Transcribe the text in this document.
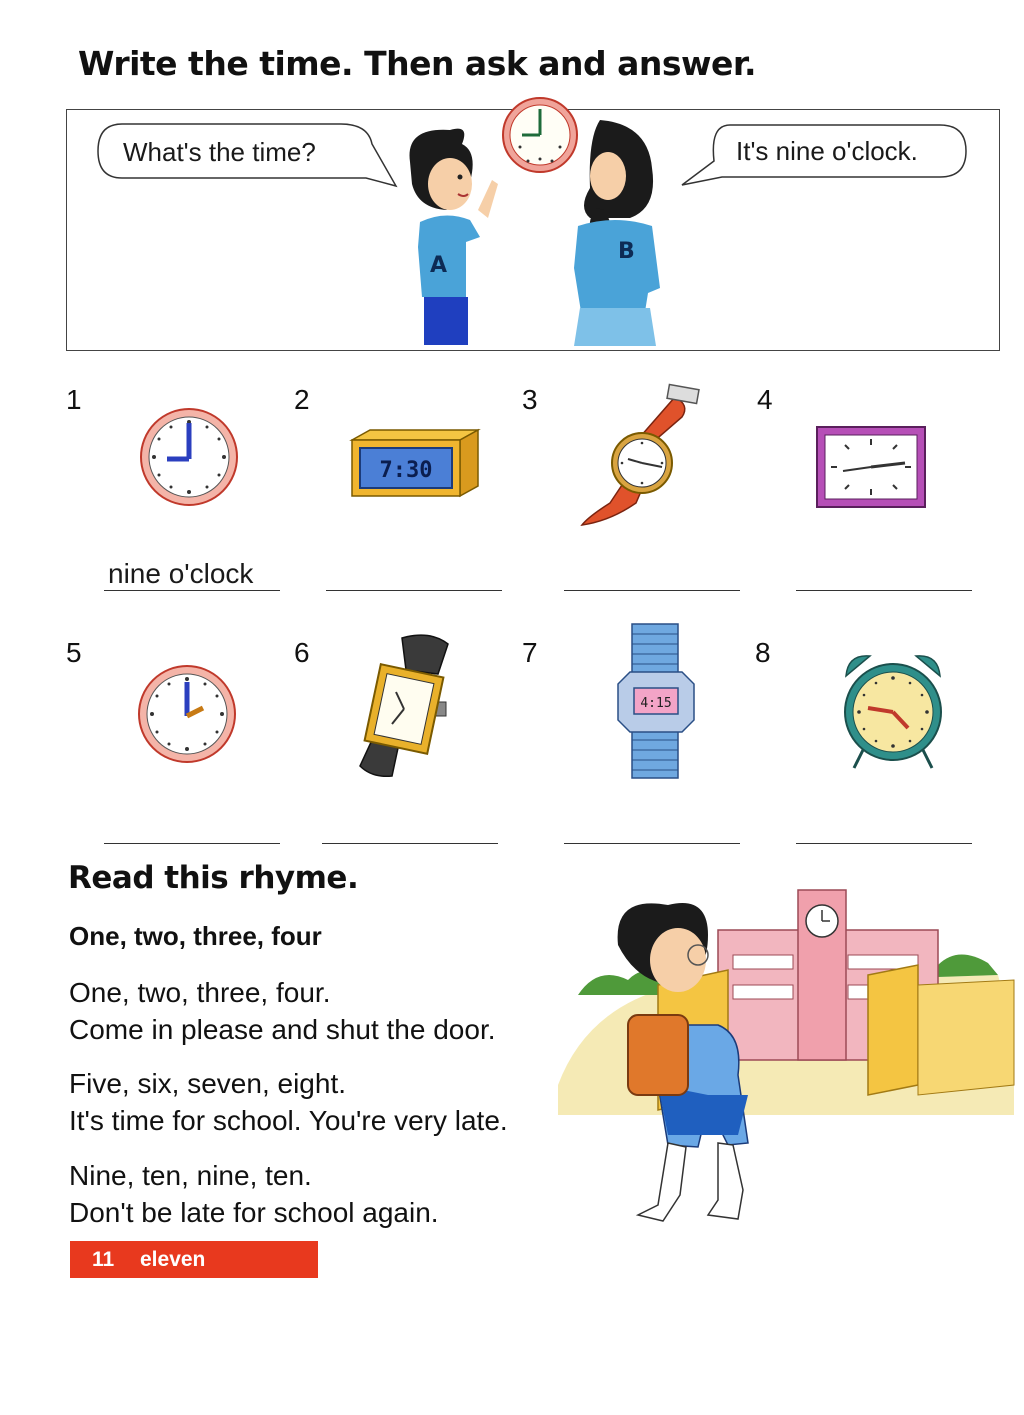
Write the time. Then ask and answer.
What's the time?	It's nine o'clock.
A
B
1	2	3	4
5	6	7	8
7:30
4:15
nine o'clock
Read this rhyme.
One, two, three, four
One, two, three, four.
Come in please and shut the door.
Five, six, seven, eight.
It's time for school. You're very late.
Nine, ten, nine, ten.
Don't be late for school again.
11 eleven
